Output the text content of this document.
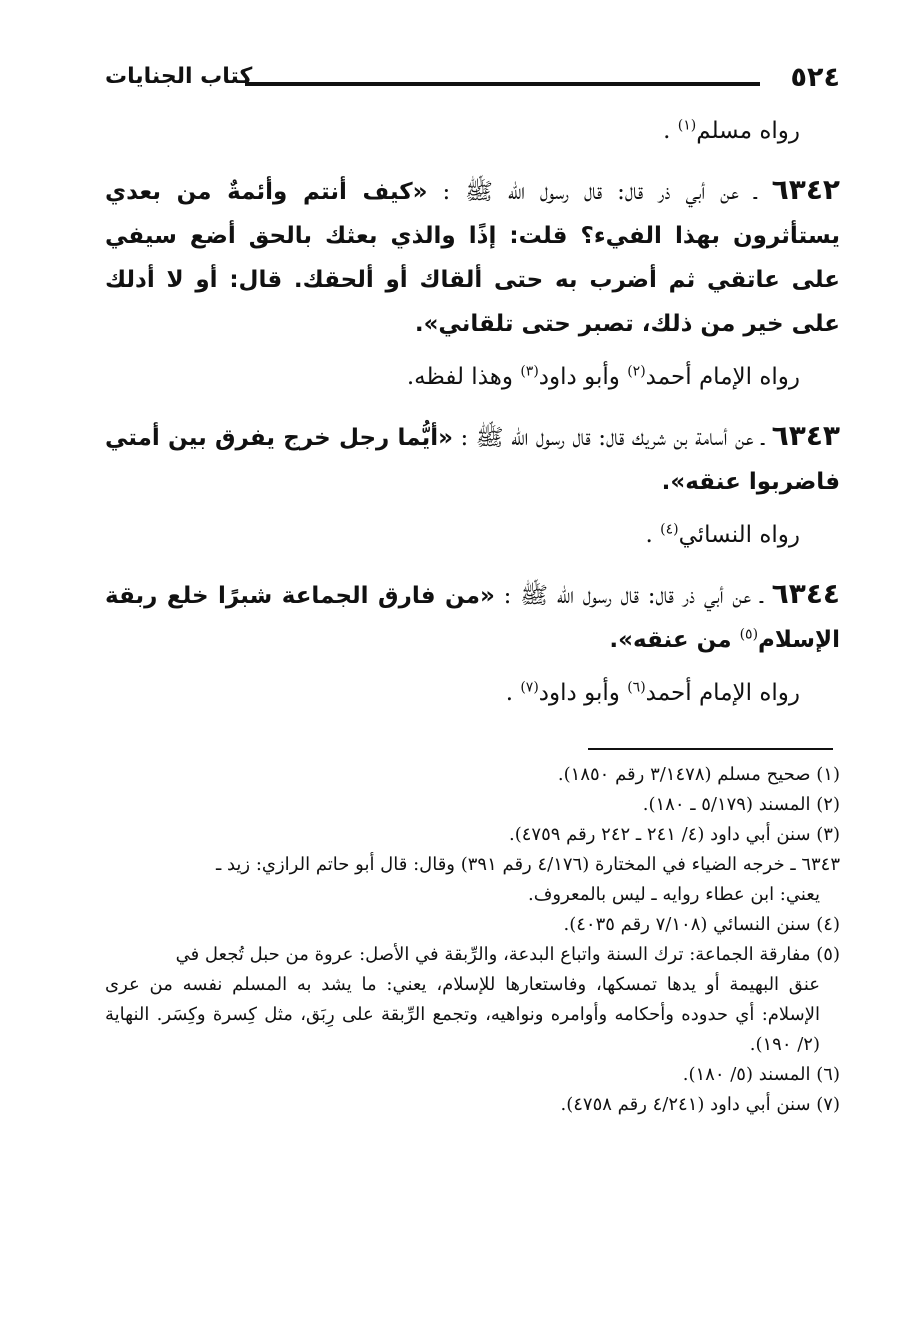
٥٢٤
كتاب الجنايات

رواه مسلم$^{(١)}$ .

٦٣٤٢ ـ عن أبي ذر قال: قال رسول اللّه ﷺ : «كيف أنتم وأئمةٌ من بعدي يستأثرون بهذا الفيء؟ قلت: إذًا والذي بعثك بالحق أضع سيفي على عاتقي ثم أضرب به حتى ألقاك أو ألحقك. قال: أو لا أدلك على خير من ذلك، تصبر حتى تلقاني».

رواه الإمام أحمد$^{(٢)}$ وأبو داود$^{(٣)}$ وهذا لفظه.

٦٣٤٣ ـ عن أسامة بن شريك قال: قال رسول اللّه ﷺ : «أيُّما رجل خرج يفرق بين أمتي فاضربوا عنقه».

رواه النسائي$^{(٤)}$ .

٦٣٤٤ ـ عن أبي ذر قال: قال رسول اللّه ﷺ : «من فارق الجماعة شبرًا خلع ربقة الإسلام$^{(٥)}$ من عنقه».

رواه الإمام أحمد$^{(٦)}$ وأبو داود$^{(٧)}$ .

(١) صحيح مسلم (٣/١٤٧٨ رقم ١٨٥٠).

(٢) المسند (٥/١٧٩ ـ ١٨٠).

(٣) سنن أبي داود (٤/ ٢٤١ ـ ٢٤٢ رقم ٤٧٥٩).

٦٣٤٣ ـ خرجه الضياء في المختارة (٤/١٧٦ رقم ٣٩١) وقال: قال أبو حاتم الرازي: زيد ـ
يعني: ابن عطاء روايه ـ ليس بالمعروف.

(٤) سنن النسائي (٧/١٠٨ رقم ٤٠٣٥).

(٥) مفارقة الجماعة: ترك السنة واتباع البدعة، والرِّبقة في الأصل: عروة من حبل تُجعل في
عنق البهيمة أو يدها تمسكها، وفاستعارها للإسلام، يعني: ما يشد به المسلم نفسه من عرى الإسلام: أي حدوده وأحكامه وأوامره ونواهيه، وتجمع الرِّبقة على رِبَق، مثل كِسرة وكِسَر. النهاية (٢/ ١٩٠).

(٦) المسند (٥/ ١٨٠).

(٧) سنن أبي داود (٤/٢٤١ رقم ٤٧٥٨).
